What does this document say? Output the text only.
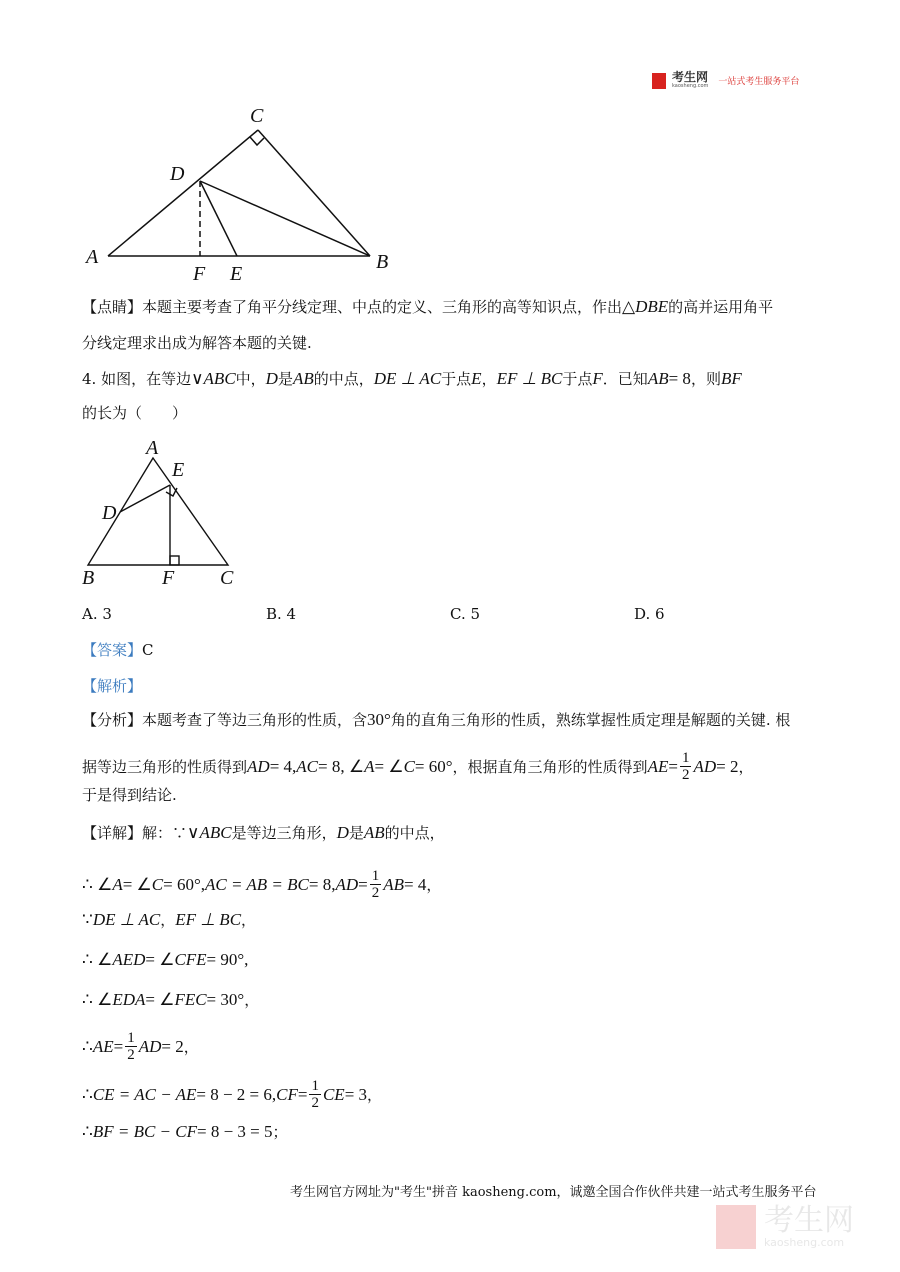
考生网
kaosheng.com 一站式考生服务平台
C
D
A	B
F E
A
E
D
B	F C
【点睛】本题主要考查了角平分线定理、中点的定义、三角形的高等知识点，作出 △ DBE 的高并运用角平
分线定理求出成为解答本题的关键.
4. 如图，在等边 ∨ ABC 中， D 是 AB 的中点， DE ⊥ AC 于点 E ， EF ⊥ BC 于点 F ．已知 AB = 8 ，则 BF
的长为（　　）
A. 3	B. 4	C. 5	D. 6
【答案】 C
【解析】
【分析】本题考查了等边三角形的性质，含 30° 角的直角三角形的性质，熟练掌握性质定理是解题的关键. 根
据等边三角形的性质得到 AD = 4, AC = 8, ∠ A = ∠ C = 60° ，根据直角三角形的性质得到 AE = $\frac{1}{2}$ AD = 2 ，
于是得到结论.
【详解】解：∵ ∨ ABC 是等边三角形， D 是 AB 的中点，
∴ ∠ A = ∠ C = 60°, AC = AB = BC = 8, AD = $\frac{1}{2}$ AB = 4 ，
∵ DE ⊥ AC ， EF ⊥ BC ，
∴ ∠ AED = ∠ CFE = 90°,
∴ ∠ EDA = ∠ FEC = 30° ，
∴ AE = $\frac{1}{2}$ AD = 2 ，
∴ CE = AC − AE = 8 − 2 = 6, CF = $\frac{1}{2}$ CE = 3 ，
∴ BF = BC − CF = 8 − 3 = 5 ；
考生网官方网址为"考生"拼音 kaosheng.com，诚邀全国合作伙伴共建一站式考生服务平台
考生网
kaosheng.com
